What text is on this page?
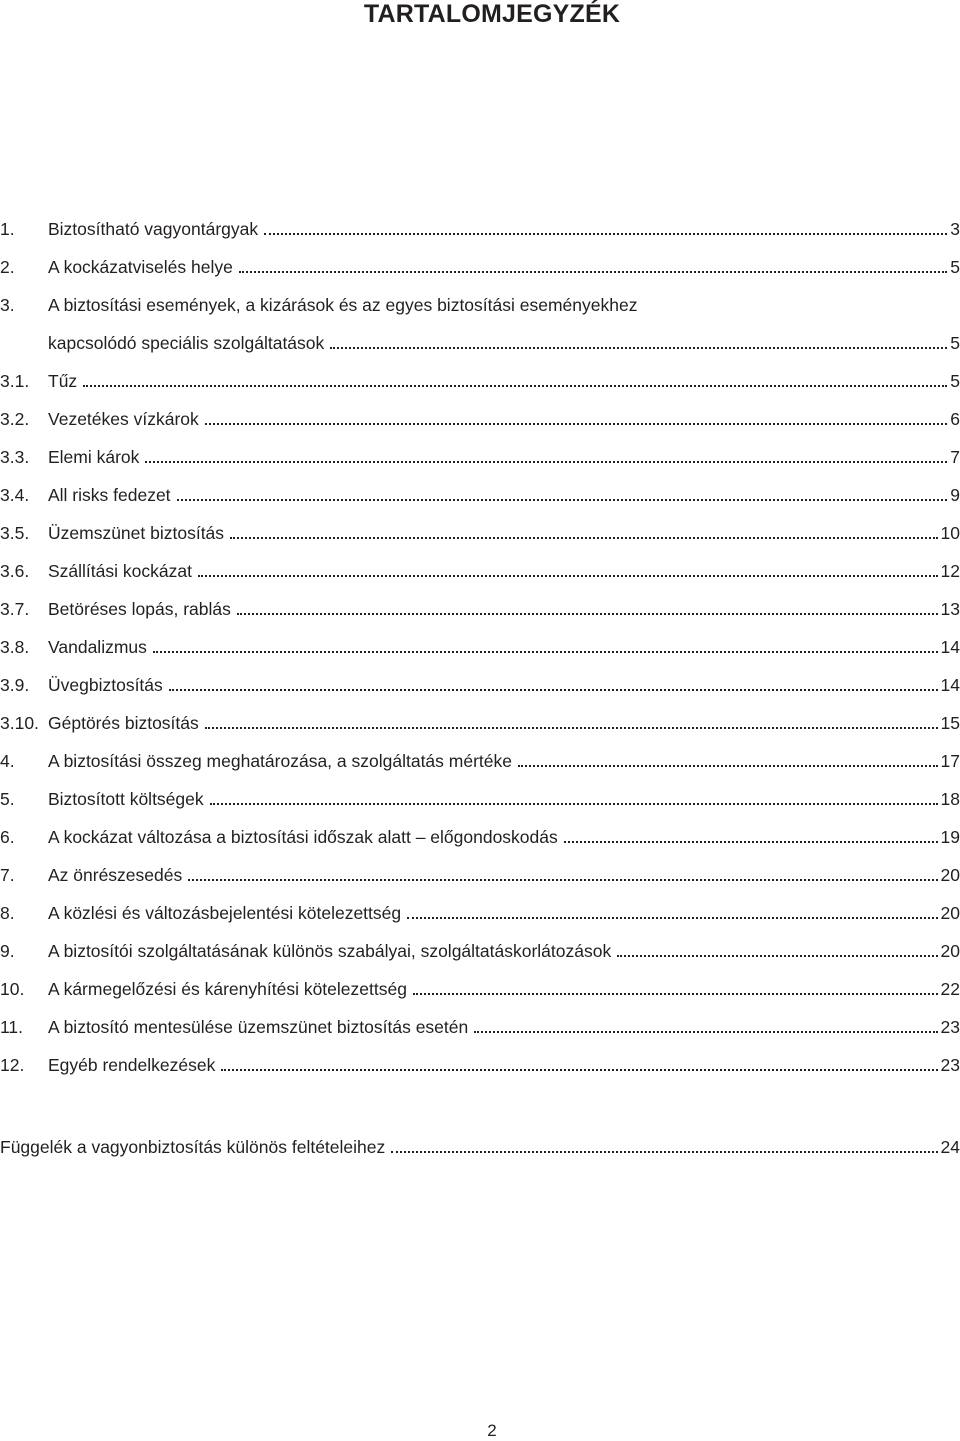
TARTALOMJEGYZÉK
1.	Biztosítható vagyontárgyak	3
2.	A kockázatviselés helye	5
3.	A biztosítási események, a kizárások és az egyes biztosítási eseményekhez
kapcsolódó speciális szolgáltatások	5
3.1.	Tűz	5
3.2.	Vezetékes vízkárok	6
3.3.	Elemi károk	7
3.4.	All risks fedezet	9
3.5.	Üzemszünet biztosítás	10
3.6.	Szállítási kockázat	12
3.7.	Betöréses lopás, rablás	13
3.8.	Vandalizmus	14
3.9.	Üvegbiztosítás	14
3.10. Géptörés biztosítás	15
4.	A biztosítási összeg meghatározása, a szolgáltatás mértéke	17
5.	Biztosított költségek	18
6.	A kockázat változása a biztosítási időszak alatt – előgondoskodás	19
7.	Az önrészesedés	20
8.	A közlési és változásbejelentési kötelezettség	20
9.	A biztosítói szolgáltatásának különös szabályai, szolgáltatáskorlátozások	20
10.	A kármegelőzési és kárenyhítési kötelezettség	22
11.	A biztosító mentesülése üzemszünet biztosítás esetén	23
12.	Egyéb rendelkezések	23
Függelék a vagyonbiztosítás különös feltételeihez	24
2
